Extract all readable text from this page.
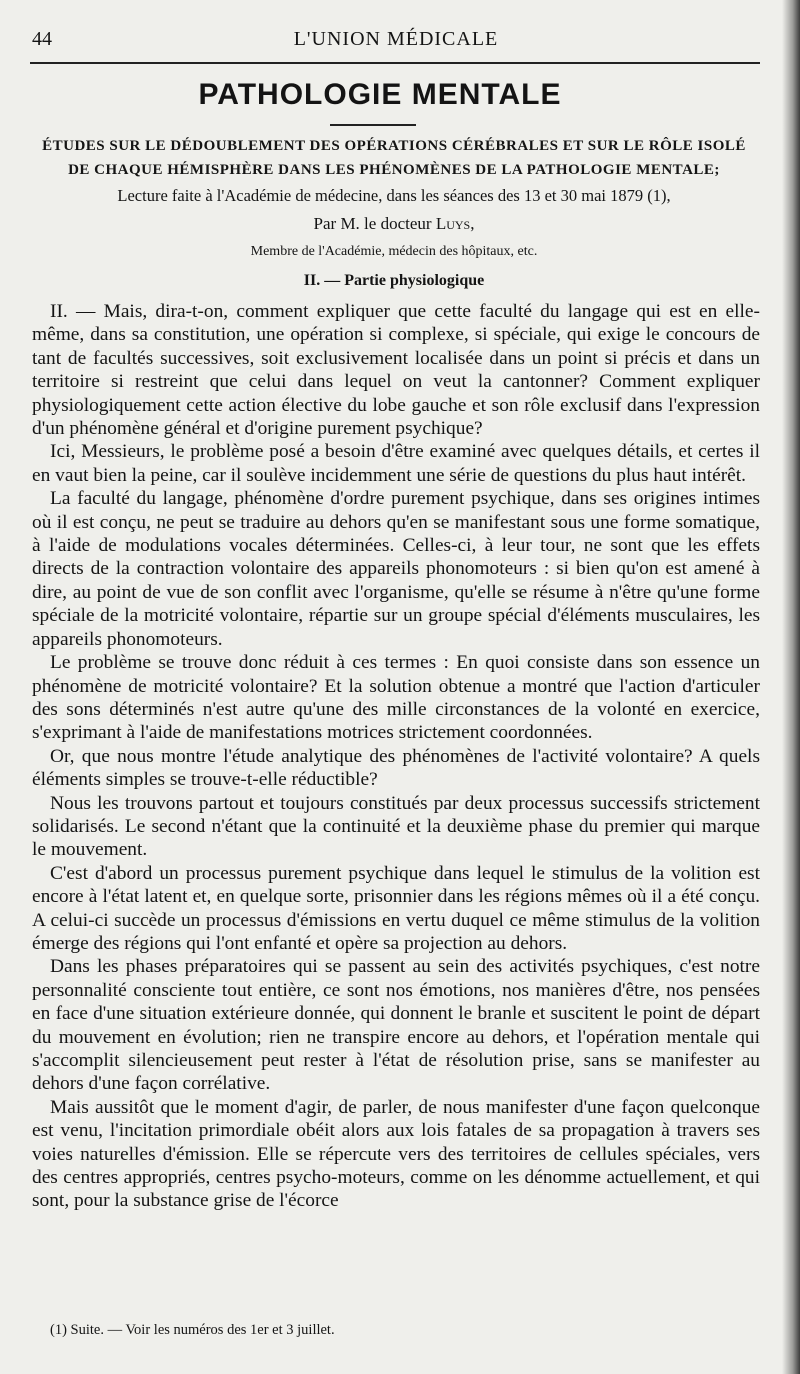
44	L'UNION MÉDICALE
PATHOLOGIE MENTALE
ÉTUDES SUR LE DÉDOUBLEMENT DES OPÉRATIONS CÉRÉBRALES ET SUR LE RÔLE ISOLÉ DE CHAQUE HÉMISPHÈRE DANS LES PHÉNOMÈNES DE LA PATHOLOGIE MENTALE;
Lecture faite à l'Académie de médecine, dans les séances des 13 et 30 mai 1879 (1),
Par M. le docteur Luys,
Membre de l'Académie, médecin des hôpitaux, etc.
II. — Partie physiologique

II. — Mais, dira-t-on, comment expliquer que cette faculté du langage qui est en elle-même, dans sa constitution, une opération si complexe, si spéciale, qui exige le concours de tant de facultés successives, soit exclusivement localisée dans un point si précis et dans un territoire si restreint que celui dans lequel on veut la cantonner? Comment expliquer physiologiquement cette action élective du lobe gauche et son rôle exclusif dans l'expression d'un phénomène général et d'origine purement psychique?

Ici, Messieurs, le problème posé a besoin d'être examiné avec quelques détails, et certes il en vaut bien la peine, car il soulève incidemment une série de questions du plus haut intérêt.

La faculté du langage, phénomène d'ordre purement psychique, dans ses origines intimes où il est conçu, ne peut se traduire au dehors qu'en se manifestant sous une forme somatique, à l'aide de modulations vocales déterminées. Celles-ci, à leur tour, ne sont que les effets directs de la contraction volontaire des appareils phonomoteurs : si bien qu'on est amené à dire, au point de vue de son conflit avec l'organisme, qu'elle se résume à n'être qu'une forme spéciale de la motricité volontaire, répartie sur un groupe spécial d'éléments musculaires, les appareils phonomoteurs.

Le problème se trouve donc réduit à ces termes : En quoi consiste dans son essence un phénomène de motricité volontaire? Et la solution obtenue a montré que l'action d'articuler des sons déterminés n'est autre qu'une des mille circonstances de la volonté en exercice, s'exprimant à l'aide de manifestations motrices strictement coordonnées.

Or, que nous montre l'étude analytique des phénomènes de l'activité volontaire? A quels éléments simples se trouve-t-elle réductible?

Nous les trouvons partout et toujours constitués par deux processus successifs strictement solidarisés. Le second n'étant que la continuité et la deuxième phase du premier qui marque le mouvement.

C'est d'abord un processus purement psychique dans lequel le stimulus de la volition est encore à l'état latent et, en quelque sorte, prisonnier dans les régions mêmes où il a été conçu. A celui-ci succède un processus d'émissions en vertu duquel ce même stimulus de la volition émerge des régions qui l'ont enfanté et opère sa projection au dehors.

Dans les phases préparatoires qui se passent au sein des activités psychiques, c'est notre personnalité consciente tout entière, ce sont nos émotions, nos manières d'être, nos pensées en face d'une situation extérieure donnée, qui donnent le branle et suscitent le point de départ du mouvement en évolution; rien ne transpire encore au dehors, et l'opération mentale qui s'accomplit silencieusement peut rester à l'état de résolution prise, sans se manifester au dehors d'une façon corrélative.

Mais aussitôt que le moment d'agir, de parler, de nous manifester d'une façon quelconque est venu, l'incitation primordiale obéit alors aux lois fatales de sa propagation à travers ses voies naturelles d'émission. Elle se répercute vers des territoires de cellules spéciales, vers des centres appropriés, centres psycho-moteurs, comme on les dénomme actuellement, et qui sont, pour la substance grise de l'écorce

(1) Suite. — Voir les numéros des 1er et 3 juillet.
